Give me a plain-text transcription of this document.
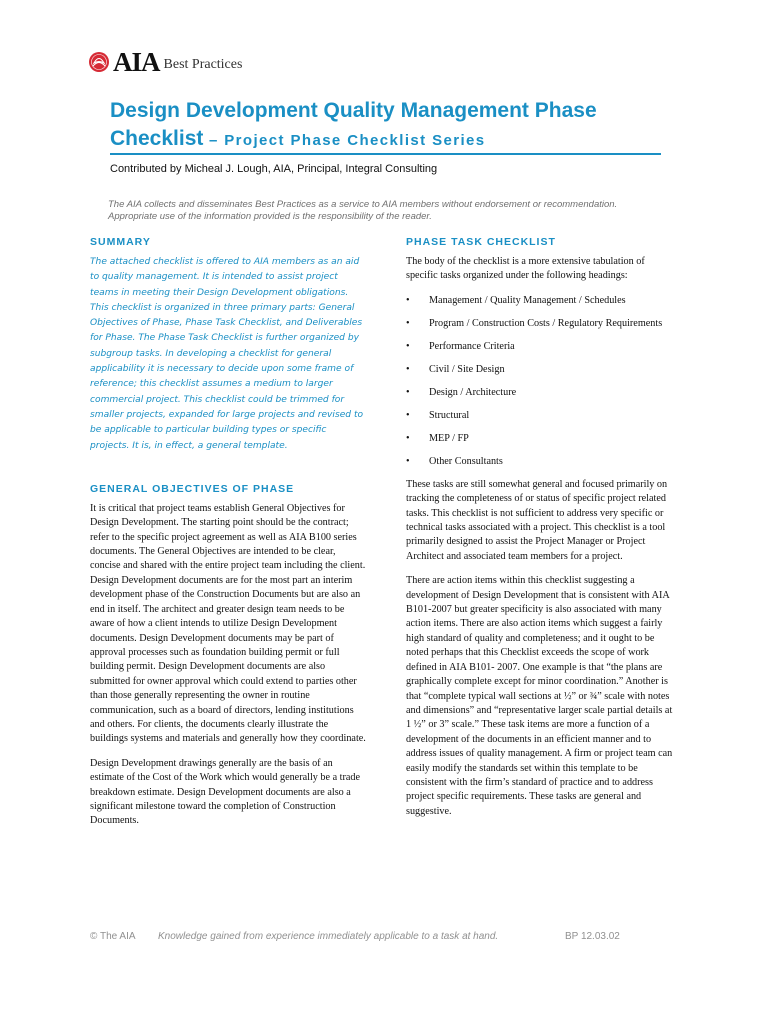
AIA Best Practices
Design Development Quality Management Phase
Checklist – Project Phase Checklist Series
Contributed by Micheal J. Lough, AIA, Principal, Integral Consulting
The AIA collects and disseminates Best Practices as a service to AIA members without endorsement or recommendation. Appropriate use of the information provided is the responsibility of the reader.
SUMMARY

The attached checklist is offered to AIA members as an aid to quality management. It is intended to assist project teams in meeting their Design Development obligations. This checklist is organized in three primary parts: General Objectives of Phase, Phase Task Checklist, and Deliverables for Phase. The Phase Task Checklist is further organized by subgroup tasks. In developing a checklist for general applicability it is necessary to decide upon some frame of reference; this checklist assumes a medium to larger commercial project. This checklist could be trimmed for smaller projects, expanded for large projects and revised to be applicable to particular building types or specific projects. It is, in effect, a general template.

GENERAL OBJECTIVES OF PHASE

It is critical that project teams establish General Objectives for Design Development. The starting point should be the contract; refer to the specific project agreement as well as AIA B100 series documents. The General Objectives are intended to be clear, concise and shared with the entire project team including the client. Design Development documents are for the most part an interim development phase of the Construction Documents but are also an end in itself. The architect and greater design team needs to be aware of how a client intends to utilize Design Development documents. Design Development documents may be part of approval processes such as foundation building permit or full building permit. Design Development documents are also submitted for owner approval which could extend to parties other than those generally representing the owner in routine communication, such as a board of directors, lending institutions and others. For clients, the documents clearly illustrate the buildings systems and materials and generally how they coordinate.

Design Development drawings generally are the basis of an estimate of the Cost of the Work which would generally be a trade breakdown estimate. Design Development documents are also a significant milestone toward the completion of Construction Documents.

PHASE TASK CHECKLIST

The body of the checklist is a more extensive tabulation of specific tasks organized under the following headings:

•	Management / Quality Management / Schedules
•	Program / Construction Costs / Regulatory Requirements
•	Performance Criteria
•	Civil / Site Design
•	Design / Architecture
•	Structural
•	MEP / FP
•	Other Consultants

These tasks are still somewhat general and focused primarily on tracking the completeness of or status of specific project related tasks. This checklist is not sufficient to address very specific or technical tasks associated with a project. This checklist is a tool primarily designed to assist the Project Manager or Project Architect and associated team members for a project.

There are action items within this checklist suggesting a development of Design Development that is consistent with AIA B101-2007 but greater specificity is also associated with many action items. There are also action items which suggest a fairly high standard of quality and completeness; and it ought to be noted perhaps that this Checklist exceeds the scope of work defined in AIA B101- 2007. One example is that “the plans are graphically complete except for minor coordination.” Another is that “complete typical wall sections at ½” or ¾” scale with notes and dimensions” and “representative larger scale partial details at 1 ½” or 3” scale.” These task items are more a function of a development of the documents in an efficient manner and to address issues of quality management. A firm or project team can easily modify the standards set within this template to be consistent with the firm’s standard of practice and to address project specific requirements. These tasks are general and suggestive.

© The AIA Knowledge gained from experience immediately applicable to a task at hand.	BP 12.03.02
